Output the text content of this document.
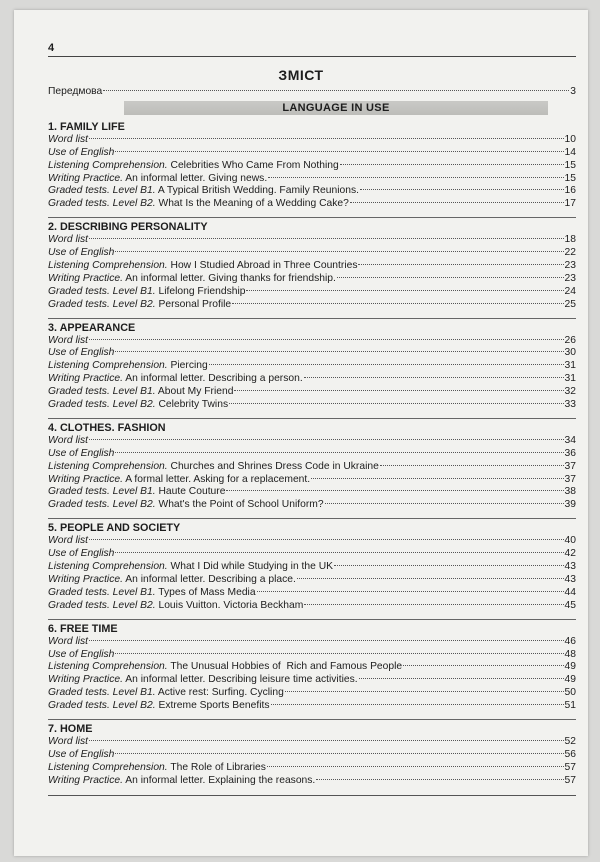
4
ЗМІСТ
Передмова	3
LANGUAGE IN USE
1. FAMILY LIFE
Word list	10
Use of English	14
Listening Comprehension. Celebrities Who Came From Nothing	15
Writing Practice. An informal letter. Giving news.	15
Graded tests. Level B1. A Typical British Wedding. Family Reunions.	16
Graded tests. Level B2. What Is the Meaning of a Wedding Cake?	17
2. DESCRIBING PERSONALITY
Word list	18
Use of English	22
Listening Comprehension. How I Studied Abroad in Three Countries	23
Writing Practice. An informal letter. Giving thanks for friendship.	23
Graded tests. Level B1. Lifelong Friendship	24
Graded tests. Level B2. Personal Profile	25
3. APPEARANCE
Word list	26
Use of English	30
Listening Comprehension. Piercing	31
Writing Practice. An informal letter. Describing a person.	31
Graded tests. Level B1. About My Friend	32
Graded tests. Level B2. Celebrity Twins	33
4. CLOTHES. FASHION
Word list	34
Use of English	36
Listening Comprehension. Churches and Shrines Dress Code in Ukraine	37
Writing Practice. A formal letter. Asking for a replacement.	37
Graded tests. Level B1. Haute Couture	38
Graded tests. Level B2. What's the Point of School Uniform?	39
5. PEOPLE AND SOCIETY
Word list	40
Use of English	42
Listening Comprehension. What I Did while Studying in the UK	43
Writing Practice. An informal letter. Describing a place.	43
Graded tests. Level B1. Types of Mass Media	44
Graded tests. Level B2. Louis Vuitton. Victoria Beckham	45
6. FREE TIME
Word list	46
Use of English	48
Listening Comprehension. The Unusual Hobbies of  Rich and Famous People	49
Writing Practice. An informal letter. Describing leisure time activities.	49
Graded tests. Level B1. Active rest: Surfing. Cycling	50
Graded tests. Level B2. Extreme Sports Benefits	51
7. HOME
Word list	52
Use of English	56
Listening Comprehension. The Role of Libraries	57
Writing Practice. An informal letter. Explaining the reasons.	57
